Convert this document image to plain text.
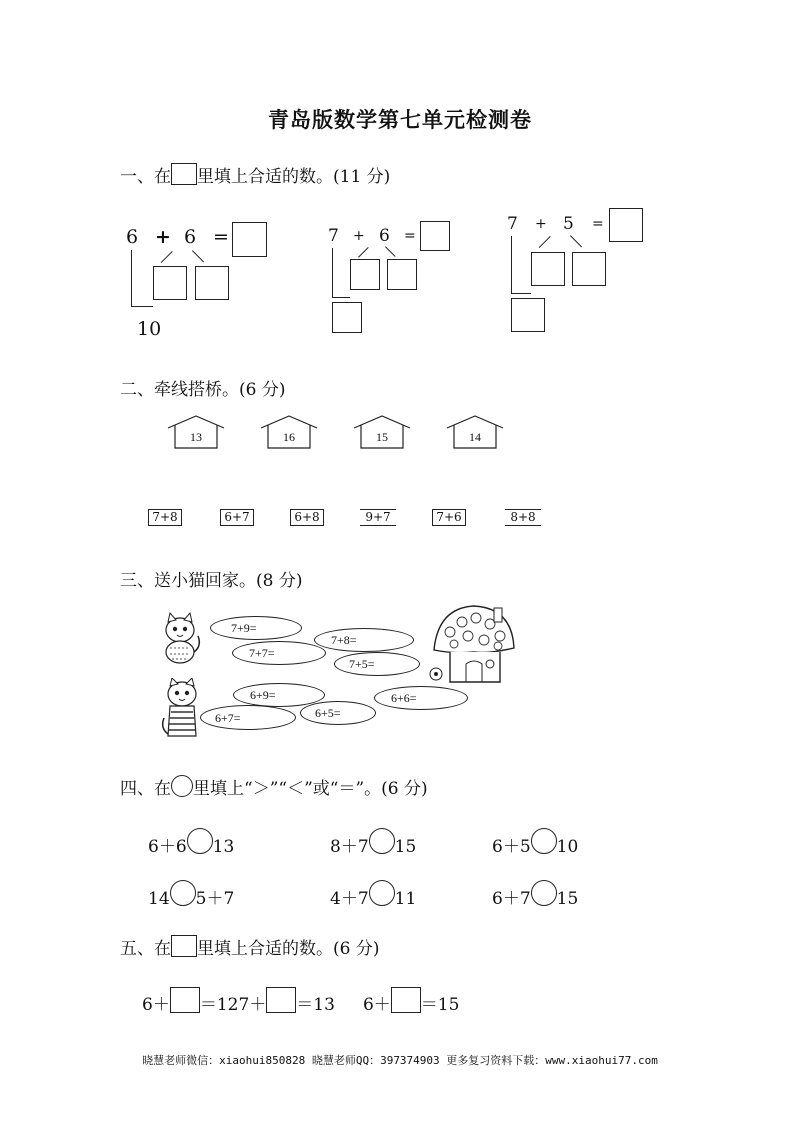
青岛版数学第七单元检测卷
一、在 里填上合适的数。(11 分)
6 + 6 =
10
7 + 6 =
7 + 5 =
二、牵线搭桥。(6 分)
13	16	15	14
7+8	6+7	6+8	9+7	7+6	8+8
三、送小猫回家。(8 分)
7+9=
7+8=
7+7=
7+5=
6+9=	6+6=
6+5=
6+7=
四、在 里填上“＞”“＜”或“＝”。(6 分)
6＋6 13	8＋7 15	6＋5 10
14 5＋7	4＋7 11	6＋7 15
五、在 里填上合适的数。(6 分)
6＋ ＝127＋ ＝13 6＋ ＝15
晓慧老师微信：xiaohui850828 晓慧老师QQ：397374903 更多复习资料下载：www.xiaohui77.com
